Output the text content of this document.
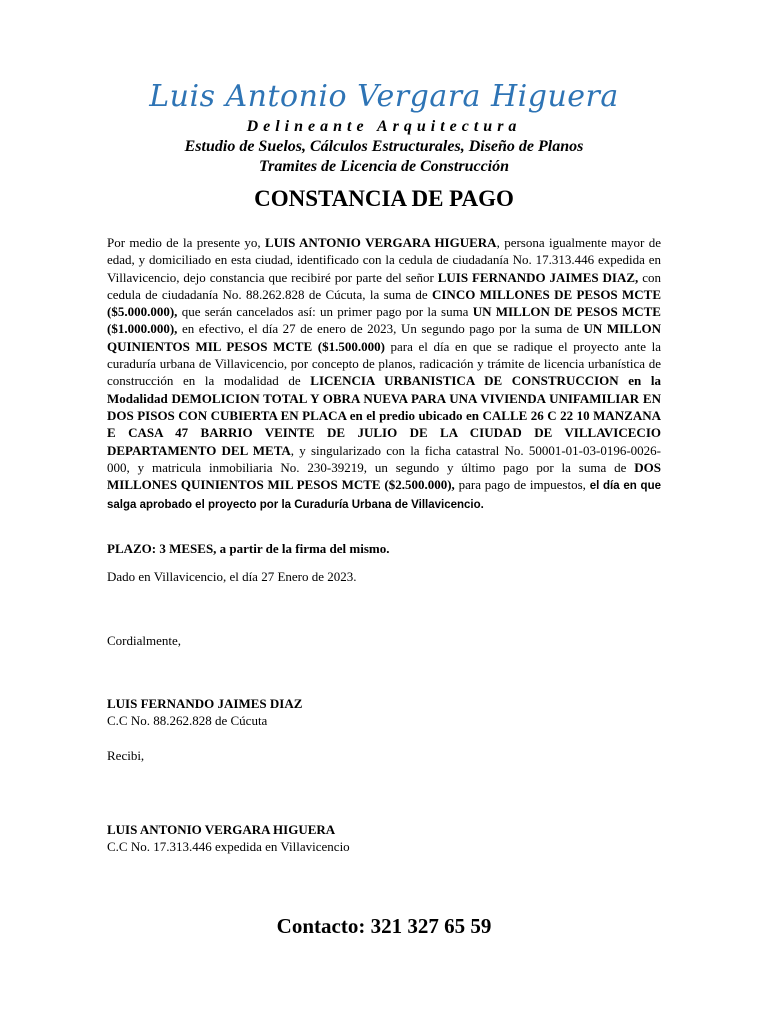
Luis Antonio Vergara Higuera
Delineante Arquitectura
Estudio de Suelos, Cálculos Estructurales, Diseño de Planos
Tramites de Licencia de Construcción
CONSTANCIA DE PAGO
Por medio de la presente yo, LUIS ANTONIO VERGARA HIGUERA, persona igualmente mayor de edad, y domiciliado en esta ciudad, identificado con la cedula de ciudadanía No. 17.313.446 expedida en Villavicencio, dejo constancia que recibiré por parte del señor LUIS FERNANDO JAIMES DIAZ, con cedula de ciudadanía No. 88.262.828 de Cúcuta, la suma de CINCO MILLONES DE PESOS MCTE ($5.000.000), que serán cancelados así: un primer pago por la suma UN MILLON DE PESOS MCTE ($1.000.000), en efectivo, el día 27 de enero de 2023, Un segundo pago por la suma de UN MILLON QUINIENTOS MIL PESOS MCTE ($1.500.000) para el día en que se radique el proyecto ante la curaduría urbana de Villavicencio, por concepto de planos, radicación y trámite de licencia urbanística de construcción en la modalidad de LICENCIA URBANISTICA DE CONSTRUCCION en la Modalidad DEMOLICION TOTAL Y OBRA NUEVA PARA UNA VIVIENDA UNIFAMILIAR EN DOS PISOS CON CUBIERTA EN PLACA en el predio ubicado en CALLE 26 C 22 10 MANZANA E CASA 47 BARRIO VEINTE DE JULIO DE LA CIUDAD DE VILLAVICECIO DEPARTAMENTO DEL META, y singularizado con la ficha catastral No. 50001-01-03-0196-0026-000, y matricula inmobiliaria No. 230-39219, un segundo y último pago por la suma de DOS MILLONES QUINIENTOS MIL PESOS MCTE ($2.500.000), para pago de impuestos, el día en que salga aprobado el proyecto por la Curaduría Urbana de Villavicencio.
PLAZO: 3 MESES, a partir de la firma del mismo.
Dado en Villavicencio, el día 27 Enero de 2023.
Cordialmente,
LUIS FERNANDO JAIMES DIAZ
C.C No. 88.262.828 de Cúcuta
Recibi,
LUIS ANTONIO VERGARA HIGUERA
C.C No. 17.313.446 expedida en Villavicencio
Contacto: 321 327 65 59
